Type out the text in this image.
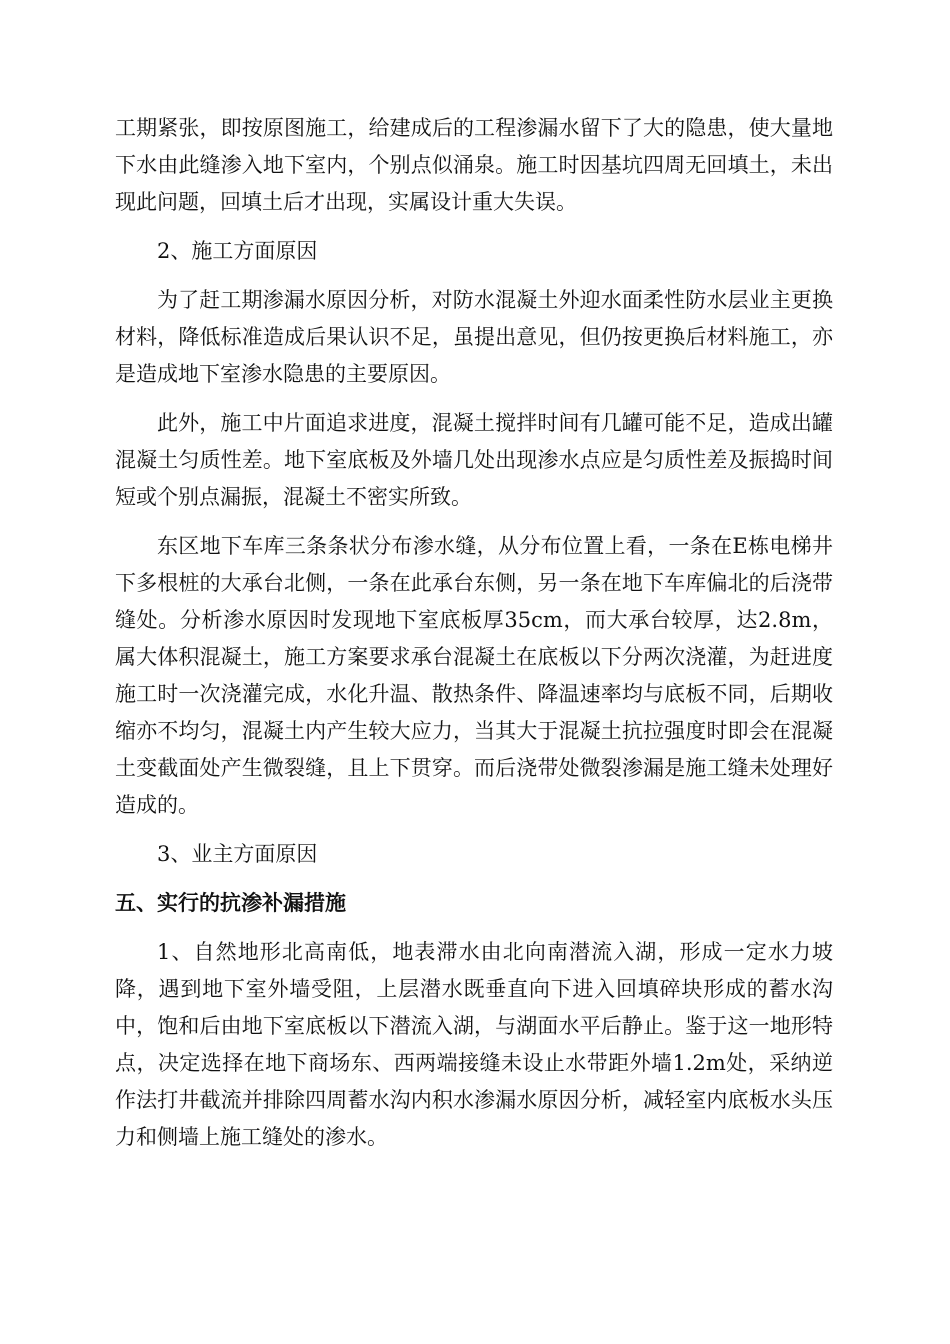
工期紧张，即按原图施工，给建成后的工程渗漏水留下了大的隐患，使大量地下水由此缝渗入地下室内，个别点似涌泉。施工时因基坑四周无回填土，未出现此问题，回填土后才出现，实属设计重大失误。

2、施工方面原因

为了赶工期渗漏水原因分析，对防水混凝土外迎水面柔性防水层业主更换材料，降低标准造成后果认识不足，虽提出意见，但仍按更换后材料施工，亦是造成地下室渗水隐患的主要原因。

此外，施工中片面追求进度，混凝土搅拌时间有几罐可能不足，造成出罐混凝土匀质性差。地下室底板及外墙几处出现渗水点应是匀质性差及振捣时间短或个别点漏振，混凝土不密实所致。

东区地下车库三条条状分布渗水缝，从分布位置上看，一条在E栋电梯井下多根桩的大承台北侧，一条在此承台东侧，另一条在地下车库偏北的后浇带缝处。分析渗水原因时发现地下室底板厚35cm，而大承台较厚，达2.8m，属大体积混凝土，施工方案要求承台混凝土在底板以下分两次浇灌，为赶进度施工时一次浇灌完成，水化升温、散热条件、降温速率均与底板不同，后期收缩亦不均匀，混凝土内产生较大应力，当其大于混凝土抗拉强度时即会在混凝土变截面处产生微裂缝，且上下贯穿。而后浇带处微裂渗漏是施工缝未处理好造成的。

3、业主方面原因

五、实行的抗渗补漏措施

1、自然地形北高南低，地表滞水由北向南潜流入湖，形成一定水力坡降，遇到地下室外墙受阻，上层潜水既垂直向下进入回填碎块形成的蓄水沟中，饱和后由地下室底板以下潜流入湖，与湖面水平后静止。鉴于这一地形特点，决定选择在地下商场东、西两端接缝未设止水带距外墙1.2m处，采纳逆作法打井截流并排除四周蓄水沟内积水渗漏水原因分析，减轻室内底板水头压力和侧墙上施工缝处的渗水。
